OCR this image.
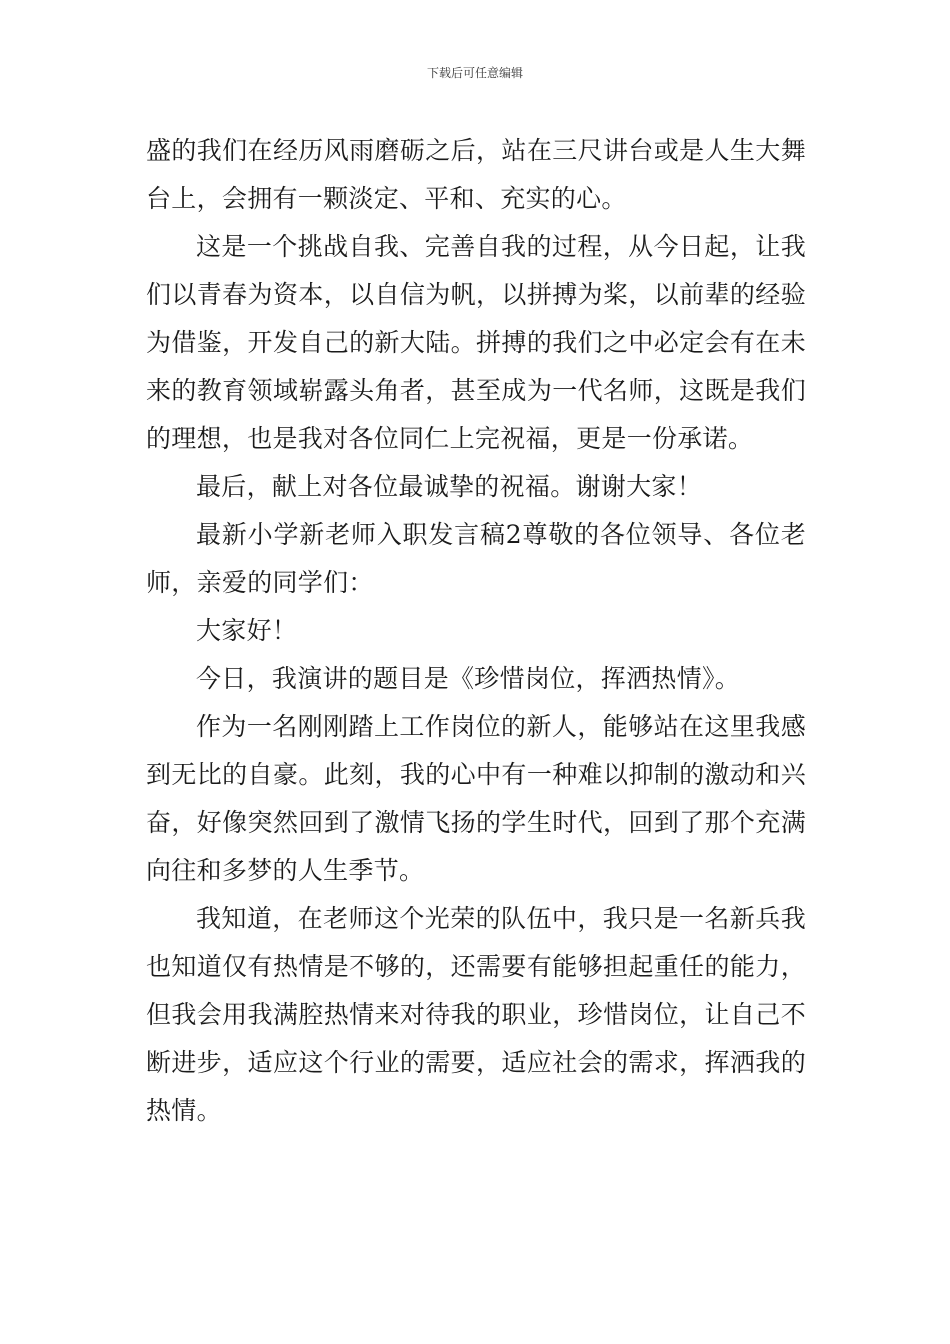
下载后可任意编辑

盛的我们在经历风雨磨砺之后，站在三尺讲台或是人生大舞台上，会拥有一颗淡定、平和、充实的心。

这是一个挑战自我、完善自我的过程，从今日起，让我们以青春为资本，以自信为帆，以拼搏为桨，以前辈的经验为借鉴，开发自己的新大陆。拼搏的我们之中必定会有在未来的教育领域崭露头角者，甚至成为一代名师，这既是我们的理想，也是我对各位同仁上完祝福，更是一份承诺。

最后，献上对各位最诚挚的祝福。谢谢大家！

最新小学新老师入职发言稿2尊敬的各位领导、各位老师，亲爱的同学们：

大家好！

今日，我演讲的题目是《珍惜岗位，挥洒热情》。

作为一名刚刚踏上工作岗位的新人，能够站在这里我感到无比的自豪。此刻，我的心中有一种难以抑制的激动和兴奋，好像突然回到了激情飞扬的学生时代，回到了那个充满向往和多梦的人生季节。

我知道，在老师这个光荣的队伍中，我只是一名新兵我也知道仅有热情是不够的，还需要有能够担起重任的能力，但我会用我满腔热情来对待我的职业，珍惜岗位，让自己不断进步，适应这个行业的需要，适应社会的需求，挥洒我的热情。
